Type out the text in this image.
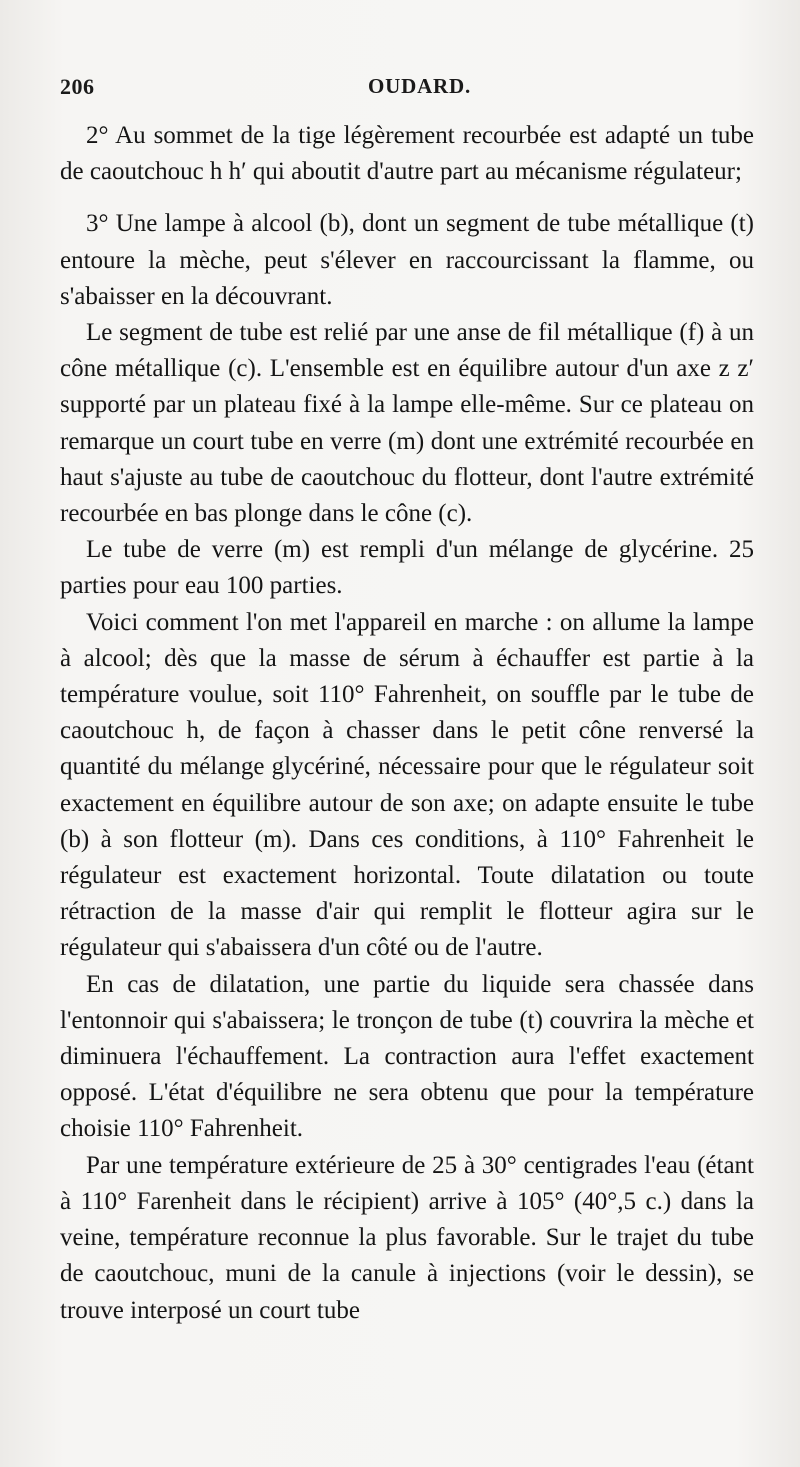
206	OUDARD.

2° Au sommet de la tige légèrement recourbée est adapté un tube de caoutchouc h h′ qui aboutit d'autre part au mécanisme régulateur;

3° Une lampe à alcool (b), dont un segment de tube métallique (t) entoure la mèche, peut s'élever en raccourcissant la flamme, ou s'abaisser en la découvrant.

Le segment de tube est relié par une anse de fil métallique (f) à un cône métallique (c). L'ensemble est en équilibre autour d'un axe z z′ supporté par un plateau fixé à la lampe elle-même. Sur ce plateau on remarque un court tube en verre (m) dont une extrémité recourbée en haut s'ajuste au tube de caoutchouc du flotteur, dont l'autre extrémité recourbée en bas plonge dans le cône (c).

Le tube de verre (m) est rempli d'un mélange de glycérine. 25 parties pour eau 100 parties.

Voici comment l'on met l'appareil en marche : on allume la lampe à alcool; dès que la masse de sérum à échauffer est partie à la température voulue, soit 110° Fahrenheit, on souffle par le tube de caoutchouc h, de façon à chasser dans le petit cône renversé la quantité du mélange glycériné, nécessaire pour que le régulateur soit exactement en équilibre autour de son axe; on adapte ensuite le tube (b) à son flotteur (m). Dans ces conditions, à 110° Fahrenheit le régulateur est exactement horizontal. Toute dilatation ou toute rétraction de la masse d'air qui remplit le flotteur agira sur le régulateur qui s'abaissera d'un côté ou de l'autre.

En cas de dilatation, une partie du liquide sera chassée dans l'entonnoir qui s'abaissera; le tronçon de tube (t) couvrira la mèche et diminuera l'échauffement. La contraction aura l'effet exactement opposé. L'état d'équilibre ne sera obtenu que pour la température choisie 110° Fahrenheit.

Par une température extérieure de 25 à 30° centigrades l'eau (étant à 110° Farenheit dans le récipient) arrive à 105° (40°,5 c.) dans la veine, température reconnue la plus favorable. Sur le trajet du tube de caoutchouc, muni de la canule à injections (voir le dessin), se trouve interposé un court tube
